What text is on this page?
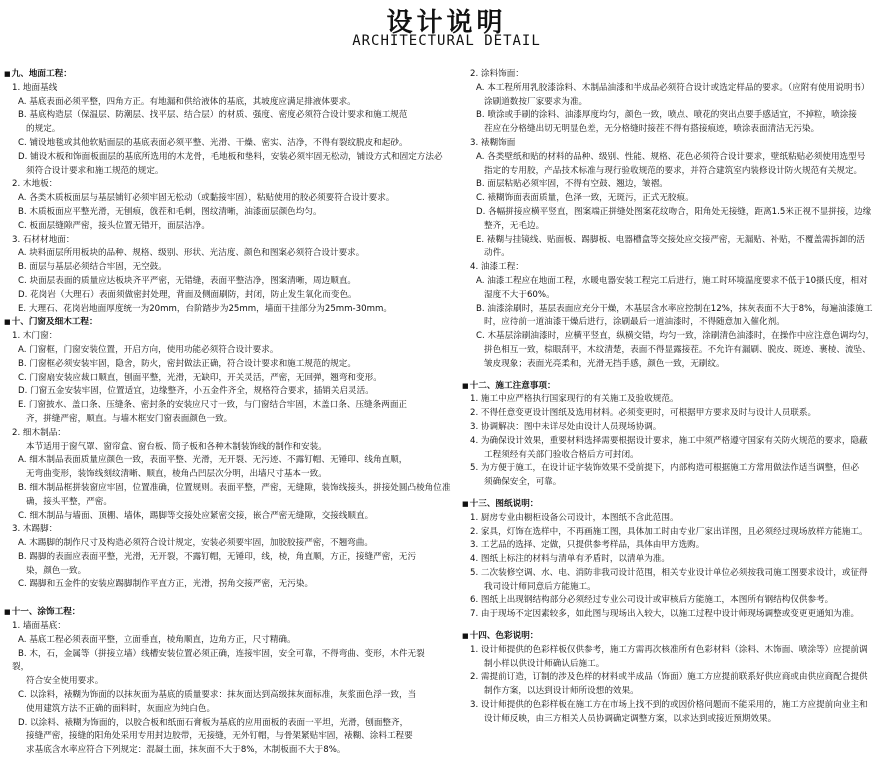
设计说明
ARCHITECTURAL DETAIL
■ 九、地面工程：
1. 地面基线
A. 基底表面必须平整，四角方正。有地漏和供给液体的基底，其坡度应满足排液体要求。
B. 基底构造层（保温层、防潮层、找平层、结合层）的材质、强度、密度必须符合设计要求和施工规范
的规定。
C. 铺设地毯或其他软贴面层的基底表面必须平整、光滑、干燥、密实、洁净，不得有裂纹脱皮和起砂。
D. 铺设木板和饰面板面层的基底所选用的木龙骨，毛地板和垫料，安装必须牢固无松动，铺设方式和固定方法必
须符合设计要求和施工规范的规定。
2. 木地板：
A. 各类木质板面层与基层铺钉必须牢固无松动（或黏接牢固），粘贴使用的胶必须要符合设计要求。
B. 木质板面应平整光滑，无刨痕，戗茬和毛刺，图纹清晰，油漆面层颜色均匀。
C. 板面层缝隙严密，接头位置无错开，面层洁净。
3. 石材材地面：
A. 块料面层所用板块的品种、规格、级别、形状、光洁度、颜色和图案必须符合设计要求。
B. 面层与基层必须结合牢固，无空鼓。
C. 块面层表面的质量应达板块齐平严密，无错缝，表面平整洁净，图案清晰，周边顺直。
D. 花岗岩（大理石）表面须做密封处理，背面及侧面刷防，封闭，防止发生氧化而变色。
E. 大理石、花岗岩地面厚度统一为20mm，台阶踏步为25mm，墙面干挂部分为25mm-30mm。
■ 十、门窗及细木工程：
1. 木门窗：
A. 门窗框，门窗安装位置，开启方向，使用功能必须符合设计要求。
B. 门窗框必须安装牢固，隐舍，防火，密封做法正确，符合设计要求和施工规范的规定。
C. 门窗扇安装应裁口顺直，刨面平整，光滑，无缺印，开关灵活，严密，无回弹，翘弯和变形。
D. 门窗五金安装牢固，位置适宜，边缘整齐，小五金件齐全，规格符合要求，插销关启灵活。
E. 门窗披水、盖口条、压缝条、密封条的安装应尺寸一致，与门窗结合牢固，木盖口条、压缝条两面正
齐，拼缝严密，顺直。与墙木框安门窗表面颜色一致。
2. 细木制品：
本节适用于窗气罩、窗帘盒、窗台板、筒子板和各种木制装饰线的制作和安装。
A. 细木制品表面质量应颜色一致，表面平整、光滑，无开裂、无污迹、不露钉帽、无锤印、线角直顺，
无弯曲变形，装饰线刻纹清晰、顺直，棱角凸凹层次分明，出墙尺寸基本一致。
B. 细木制品框拼装窗应牢固，位置准确，位置规则。表面平整，严密，无缝隙，装饰线接头，拼接处圆凸棱角位准
确，接头平整，严密。
C. 细木制品与墙面、顶棚、墙体，踢脚等交接处应紧密交接，嵌合严密无缝隙，交接线顺直。
3. 木踢脚：
A. 木踢脚的制作尺寸及构造必须符合设计规定，安装必须要牢固，加胶胶接严密，不翘弯曲。
B. 踢脚的表面应表面平整，光滑，无开裂，不露钉帽，无锤印，线，棱，角直顺，方正，接缝严密，无污
染，颜色一致。
C. 踢脚和五金件的安装应踢脚制作平直方正，光滑，拐角交接严密，无污染。
■ 十一、涂饰工程：
1. 墙面基底：
A. 基底工程必须表面平整，立面垂直，棱角顺直，边角方正，尺寸精确。
B. 木，石，金属等（拼接立墙）线槽安装位置必须正确，连接牢固，安全可靠，不得弯曲、变形，木件无裂
裂，
符合安全使用要求。
C. 以涂料，裱糊为饰面的以抹灰面为基底的质量要求：抹灰面达到高级抹灰面标准，灰浆面色浮一致，当
使用建筑方法不正确的面料时，灰面应为纯白色。
D. 以涂料、裱糊为饰面的，以胶合板和纸面石膏板为基底的应用面板的表面一平坦，光滑，刨面整齐，
接缝严密，接缝的阳角处采用专用封边胶带，无接缝，无外钉帽，与骨架紧贴牢固，裱糊、涂料工程要
求基底含水率应符合下列规定：混凝土面，抹灰面不大于8%，木制板面不大于8%。
2. 涂料饰面：
A. 本工程所用乳胶漆涂料、木制品油漆和半成品必须符合设计或选定样品的要求。（应附有使用说明书）
涂刷道数按厂家要求为准。
B. 喷涂或手刷的涂料、油漆厚度均匀，颜色一致，喷点、喷花的突出点要手感适宜，不掉粒，喷涂接
茬应在分格缝出切无明显色差，无分格缝时接茬不得有搭接痕迹，喷涂表面清洁无污染。
3. 裱糊饰面
A. 各类壁纸和贴的材料的品种、级别、性能、规格、花色必须符合设计要求，壁纸粘贴必须使用选型号
指定的专用胶，产品技术标准与现行验收规范的要求，并符合建筑室内装修设计防火规范有关规定。
B. 面层粘贴必须牢固，不得有空鼓、翘边，皱褶。
C. 裱糊饰面表面质量，色泽一致，无斑污，正式无胶痕。
D. 各幅拼接应横平竖直，图案端正拼缝处图案花纹吻合，阳角处无接缝，距离1.5米正视不显拼接，边缘
整齐，无毛边。
E. 裱糊与挂镜线、贴面板、踢脚板、电器槽盒等交接处应交接严密，无漏贴、补贴，不覆盖需拆卸的活
动件。
4. 油漆工程：
A. 油漆工程应在地面工程，水暖电器安装工程完工后进行，施工时环境温度要求不低于10摄氏度，相对
湿度不大于60%。
B. 油漆涂刷时，基层表面应充分干燥，木基层含水率应控制在12%，抹灰表面不大于8%，每遍油漆施工
时，应待前一道油漆干燥后进行，涂刷最后一道油漆时，不得随意加入催化剂。
C. 木基层涂刷油漆时，应横平竖直，纵横交错，均匀一致，涂刷清色油漆时，在操作中应注意色调均匀，
拼色相互一致，棕眼刮平，木纹清楚，表面不得显露接茬。不允许有漏刷、脱皮、斑迹、裹棱、流坠、
皱皮现象；表面光亮柔和，光滑无挡手感，颜色一致，无刷纹。
■ 十二、施工注意事项：
1. 施工中应严格执行国家现行的有关施工及验收规范。
2. 不得任意变更设计图纸及选用材料。必须变更时，可根据甲方要求及时与设计人员联系。
3. 协调解决：图中未详尽处由设计人员现场协调。
4. 为确保设计效果，重要材料选择需要根据设计要求，施工中须严格遵守国家有关防火规范的要求，隐蔽
工程须经有关部门验收合格后方可封闭。
5. 为方便于施工，在设计证字装饰效果不受前提下，内部构造可根据施工方常用做法作适当调整，但必
须确保安全，可靠。
■ 十三、图纸说明：
1. 厨房专业由橱柜设备公司设计，本图纸不含此范围。
2. 家具，灯饰在选样中，不再画施工图，具体加工时由专业厂家出详图，且必须经过现场放样方能施工。
3. 工艺品的选择、定做，只提供参考样品，具体由甲方选购。
4. 图纸上标注的材料与清单有矛盾时，以清单为准。
5. 二次装修空调、水、电、消防非我司设计范围，相关专业设计单位必须按我司施工图要求设计，或征得
我司设计师同意后方能施工。
6. 图纸上出现钢结构部分必须经过专业公司设计或审核后方能施工，本图所有钢结构仅供参考。
7. 由于现场不定因素较多，如此图与现场出入较大，以施工过程中设计师现场调整或变更更通知为准。
■ 十四、色彩说明：
1. 设计师提供的色彩样板仅供参考，施工方需再次核准所有色彩材料（涂料、木饰面、喷涂等）应提前调
制小样以供设计师确认后施工。
2. 需提前订造，订制的涉及色样的材料或半成品（饰面）施工方应提前联系好供应商或由供应商配合提供
制作方案，以达到设计师所设想的效果。
3. 设计师提供的色彩样板在施工方在市场上找不到的或因价格问题而不能采用的，施工方应提前向业主和
设计师反映，由三方相关人员协调确定调整方案，以求达到或接近预期效果。
